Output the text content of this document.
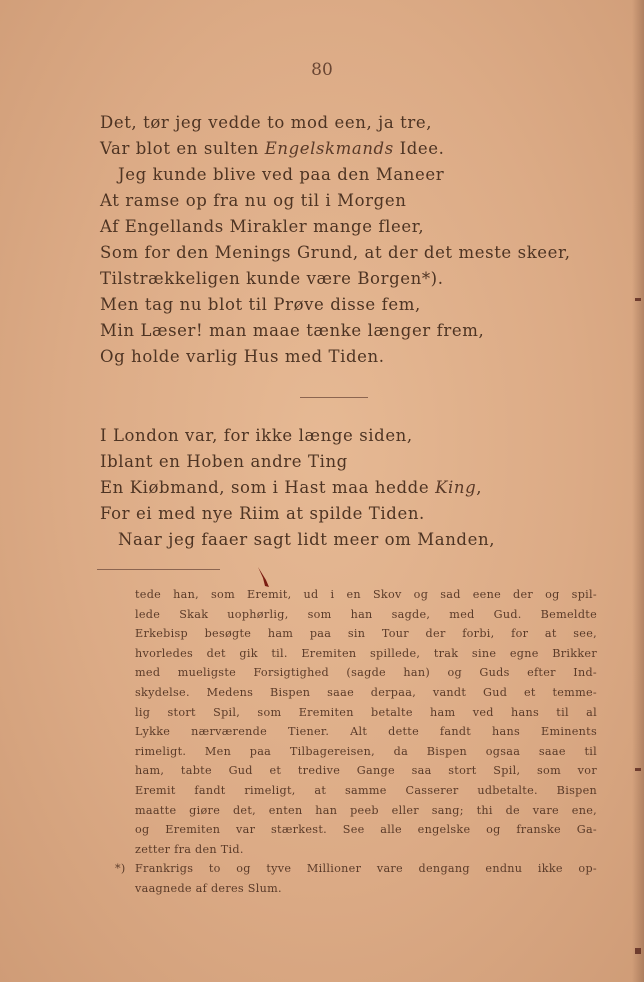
80
Det, tør jeg vedde to mod een, ja tre,
Var blot en sulten Engelskmands Idee.
Jeg kunde blive ved paa den Maneer
At ramse op fra nu og til i Morgen
Af Engellands Mirakler mange fleer,
Som for den Menings Grund, at der det meste skeer,
Tilstrækkeligen kunde være Borgen*).
Men tag nu blot til Prøve disse fem,
Min Læser! man maae tænke længer frem,
Og holde varlig Hus med Tiden.
I London var, for ikke længe siden,
Iblant en Hoben andre Ting
En Kiøbmand, som i Hast maa hedde King,
For ei med nye Riim at spilde Tiden.
Naar jeg faaer sagt lidt meer om Manden,

tede han, som Eremit, ud i en Skov og sad eene der og spil-
lede Skak uophørlig, som han sagde, med Gud. Bemeldte
Erkebisp besøgte ham paa sin Tour der forbi, for at see,
hvorledes det gik til. Eremiten spillede, trak sine egne Brikker
med mueligste Forsigtighed (sagde han) og Guds efter Ind-
skydelse. Medens Bispen saae derpaa, vandt Gud et temme-
lig stort Spil, som Eremiten betalte ham ved hans til al
Lykke nærværende Tiener. Alt dette fandt hans Eminents
rimeligt. Men paa Tilbagereisen, da Bispen ogsaa saae til
ham, tabte Gud et tredive Gange saa stort Spil, som vor
Eremit fandt rimeligt, at samme Casserer udbetalte. Bispen
maatte giøre det, enten han peeb eller sang; thi de vare ene,
og Eremiten var stærkest. See alle engelske og franske Ga-
zetter fra den Tid.

*) Frankrigs to og tyve Millioner vare dengang endnu ikke op-
vaagnede af deres Slum.
